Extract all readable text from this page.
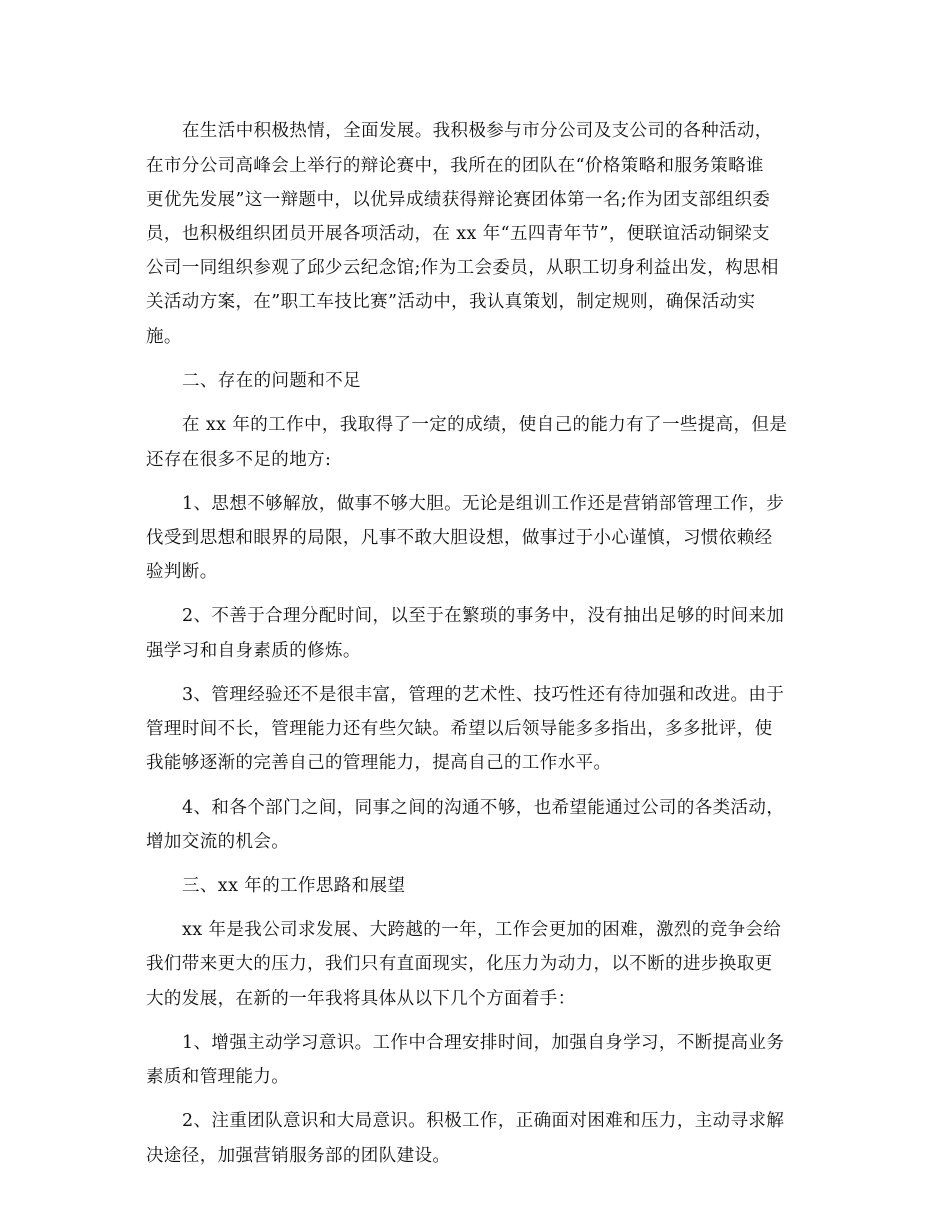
在生活中积极热情，全面发展。我积极参与市分公司及支公司的各种活动，
在市分公司高峰会上举行的辩论赛中，我所在的团队在“价格策略和服务策略谁
更优先发展”这一辩题中，以优异成绩获得辩论赛团体第一名;作为团支部组织委
员，也积极组织团员开展各项活动，在 xx 年“五四青年节”，便联谊活动铜梁支
公司一同组织参观了邱少云纪念馆;作为工会委员，从职工切身利益出发，构思相
关活动方案，在”职工车技比赛”活动中，我认真策划，制定规则，确保活动实
施。
二、存在的问题和不足
在 xx 年的工作中，我取得了一定的成绩，使自己的能力有了一些提高，但是
还存在很多不足的地方:
1、思想不够解放，做事不够大胆。无论是组训工作还是营销部管理工作，步
伐受到思想和眼界的局限，凡事不敢大胆设想，做事过于小心谨慎，习惯依赖经
验判断。
2、不善于合理分配时间，以至于在繁琐的事务中，没有抽出足够的时间来加
强学习和自身素质的修炼。
3、管理经验还不是很丰富，管理的艺术性、技巧性还有待加强和改进。由于
管理时间不长，管理能力还有些欠缺。希望以后领导能多多指出，多多批评，使
我能够逐渐的完善自己的管理能力，提高自己的工作水平。
4、和各个部门之间，同事之间的沟通不够，也希望能通过公司的各类活动，
增加交流的机会。
三、xx 年的工作思路和展望
xx 年是我公司求发展、大跨越的一年，工作会更加的困难，激烈的竞争会给
我们带来更大的压力，我们只有直面现实，化压力为动力，以不断的进步换取更
大的发展，在新的一年我将具体从以下几个方面着手：
1、增强主动学习意识。工作中合理安排时间，加强自身学习，不断提高业务
素质和管理能力。
2、注重团队意识和大局意识。积极工作，正确面对困难和压力，主动寻求解
决途径，加强营销服务部的团队建设。
